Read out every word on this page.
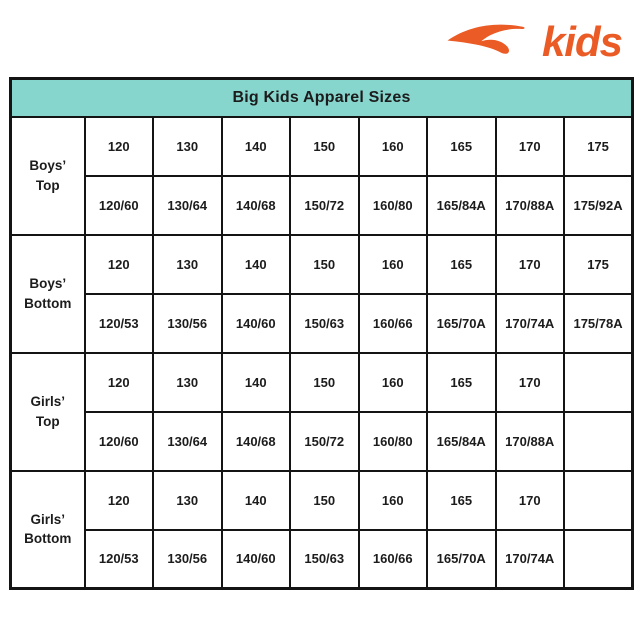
kids
Big Kids Apparel Sizes								

Boys’
Top	120	130	140	150	160	165	170	175
	120/60	130/64	140/68	150/72	160/80	165/84A	170/88A	175/92A

Boys’
Bottom	120	130	140	150	160	165	170	175
	120/53	130/56	140/60	150/63	160/66	165/70A	170/74A	175/78A

Girls’
Top	120	130	140	150	160	165	170	
	120/60	130/64	140/68	150/72	160/80	165/84A	170/88A	

Girls’
Bottom	120	130	140	150	160	165	170	
	120/53	130/56	140/60	150/63	160/66	165/70A	170/74A	
